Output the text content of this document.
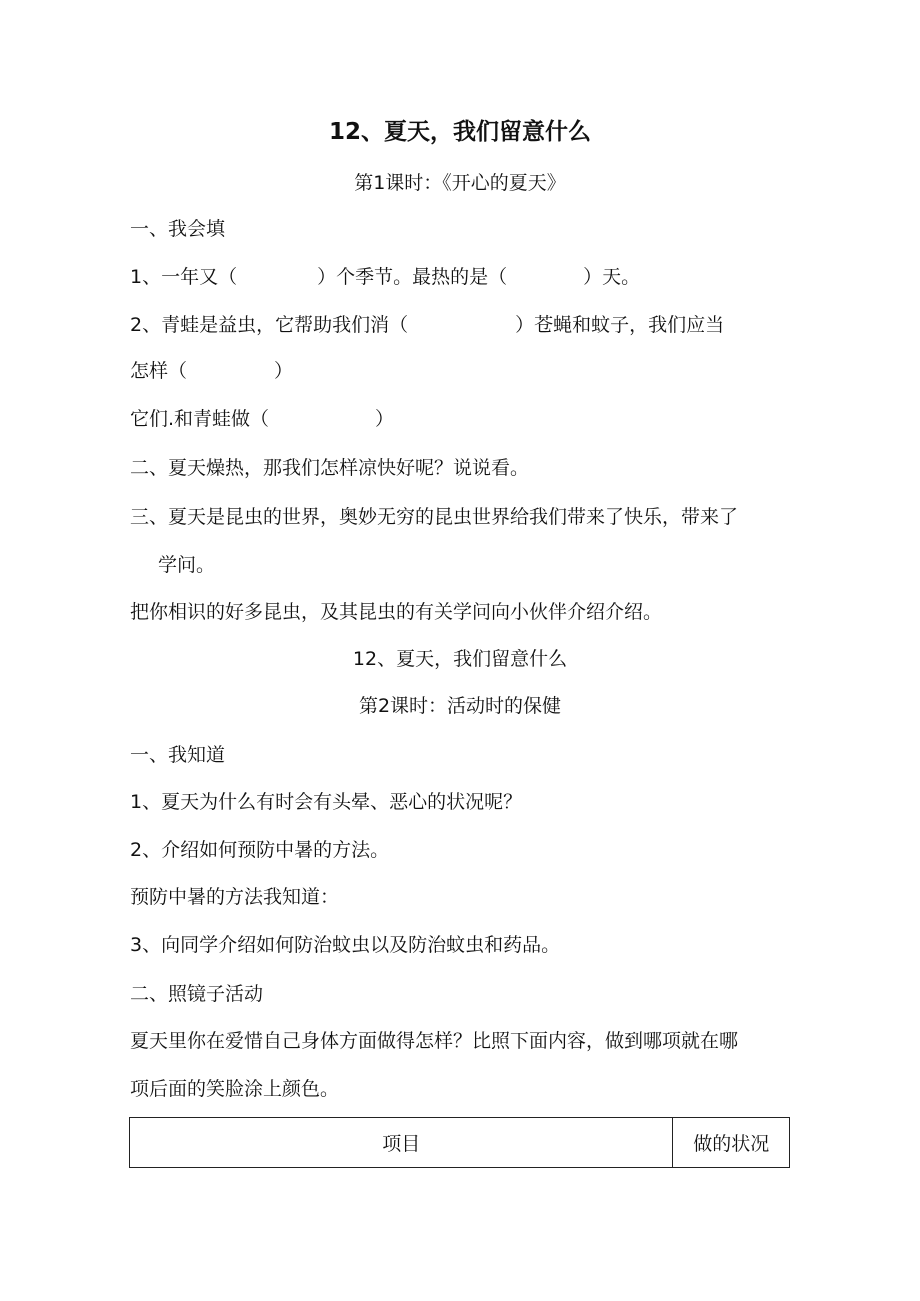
12、夏天，我们留意什么
第1课时：《开心的夏天》
一、我会填
1、一年又（	）个季节。最热的是（	）天。
2、青蛙是益虫，它帮助我们消（	）苍蝇和蚊子，我们应当
怎样（	）
它们.和青蛙做（	）
二、夏天燥热，那我们怎样凉快好呢？说说看。
三、夏天是昆虫的世界，奥妙无穷的昆虫世界给我们带来了快乐，带来了
学问。
把你相识的好多昆虫，及其昆虫的有关学问向小伙伴介绍介绍。
12、夏天，我们留意什么
第2课时：活动时的保健
一、我知道
1、夏天为什么有时会有头晕、恶心的状况呢？
2、介绍如何预防中暑的方法。
预防中暑的方法我知道：
3、向同学介绍如何防治蚊虫以及防治蚊虫和药品。
二、照镜子活动
夏天里你在爱惜自己身体方面做得怎样？比照下面内容，做到哪项就在哪
项后面的笑脸涂上颜色。
项目	做的状况
